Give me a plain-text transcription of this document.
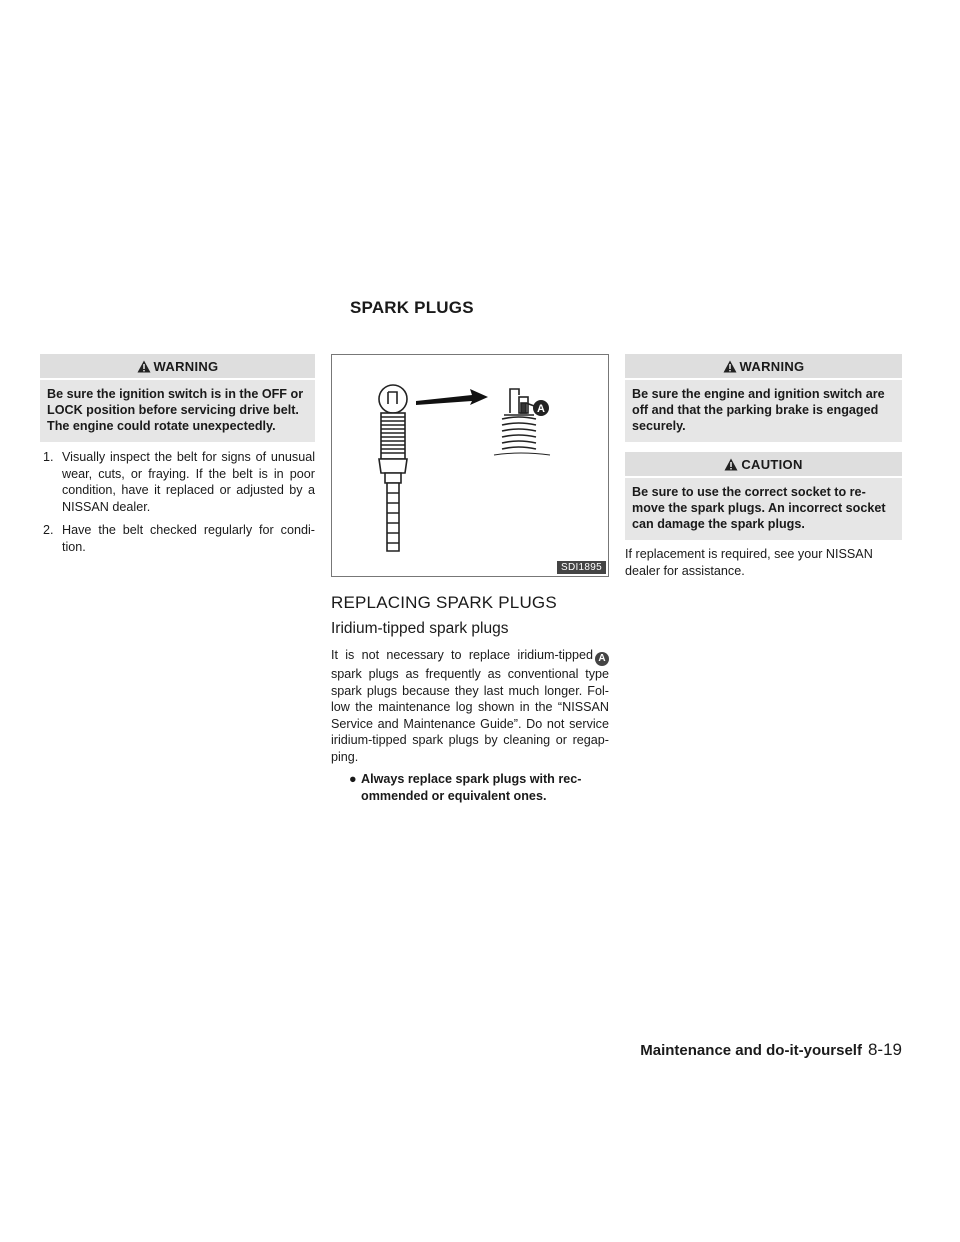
SPARK PLUGS
WARNING
Be sure the ignition switch is in the OFF or LOCK position before servicing drive belt. The engine could rotate unexpectedly.
1. Visually inspect the belt for signs of unusual wear, cuts, or fraying. If the belt is in poor condition, have it replaced or adjusted by a NISSAN dealer.
2. Have the belt checked regularly for condi- tion.
A
SDI1895
REPLACING SPARK PLUGS
Iridium-tipped spark plugs
It is not necessary to replace iridium-tipped A spark plugs as frequently as conventional type spark plugs because they last much longer. Fol- low the maintenance log shown in the “NISSAN Service and Maintenance Guide”. Do not service iridium-tipped spark plugs by cleaning or regap- ping.
● Always replace spark plugs with rec- ommended or equivalent ones.
WARNING
Be sure the engine and ignition switch are off and that the parking brake is engaged securely.
CAUTION
Be sure to use the correct socket to re- move the spark plugs. An incorrect socket can damage the spark plugs.
If replacement is required, see your NISSAN dealer for assistance.
Maintenance and do-it-yourself 8-19
